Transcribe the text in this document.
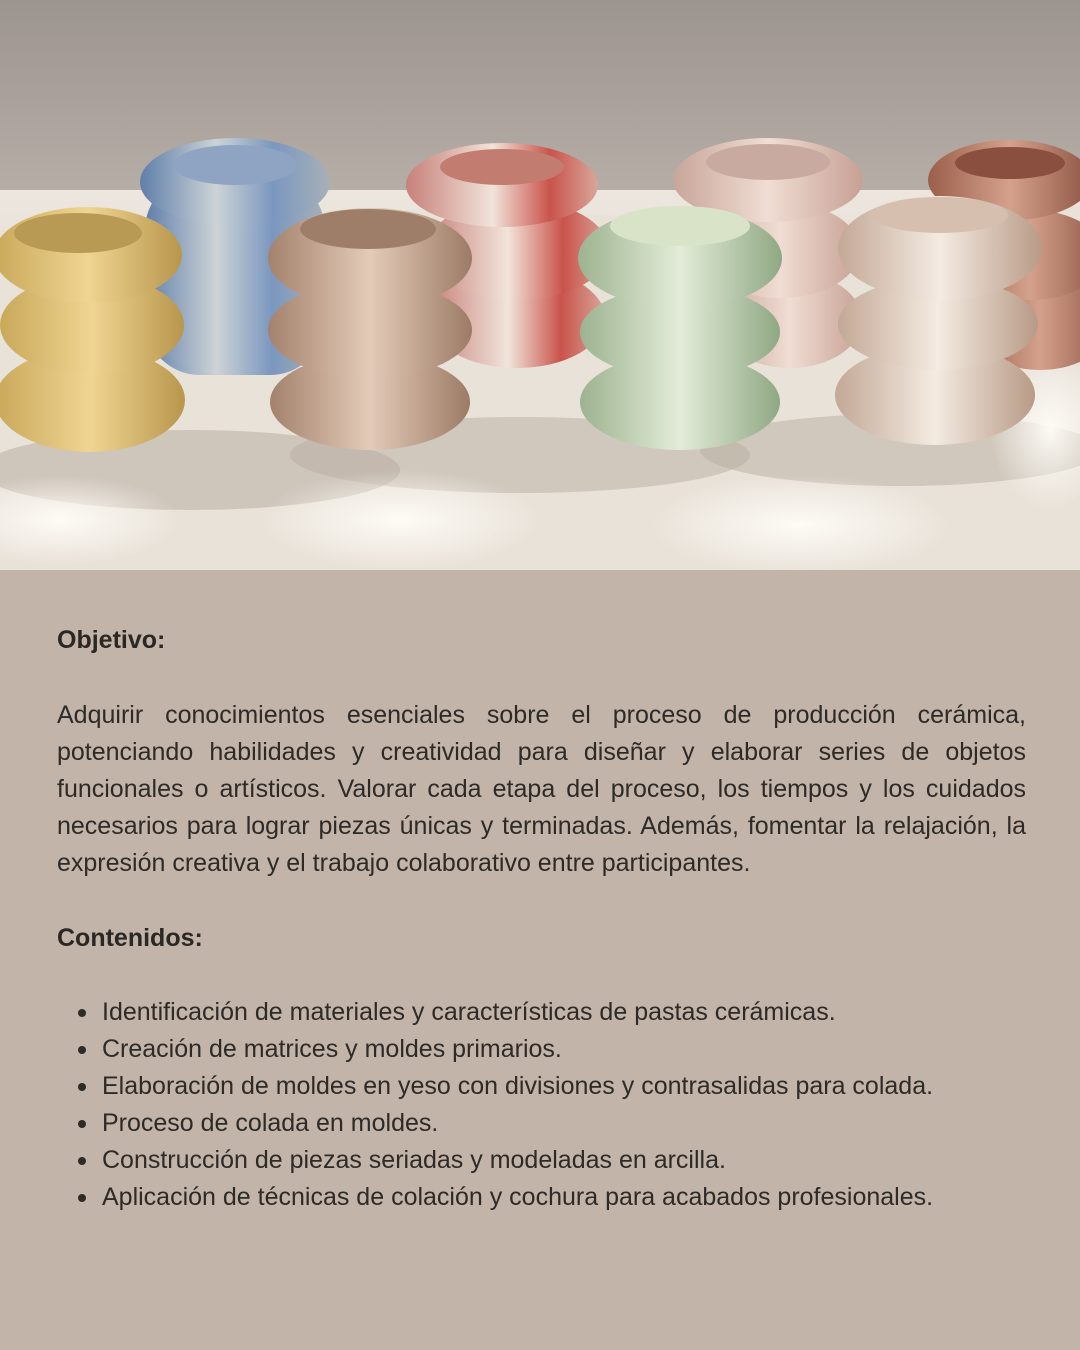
Objetivo:

Adquirir conocimientos esenciales sobre el proceso de producción cerámica, potenciando habilidades y creatividad para diseñar y elaborar series de objetos funcionales o artísticos. Valorar cada etapa del proceso, los tiempos y los cuidados necesarios para lograr piezas únicas y terminadas. Además, fomentar la relajación, la expresión creativa y el trabajo colaborativo entre participantes.

Contenidos:
Identificación de materiales y características de pastas cerámicas.
Creación de matrices y moldes primarios.
Elaboración de moldes en yeso con divisiones y contrasalidas para colada.
Proceso de colada en moldes.
Construcción de piezas seriadas y modeladas en arcilla.
Aplicación de técnicas de colación y cochura para acabados profesionales.
